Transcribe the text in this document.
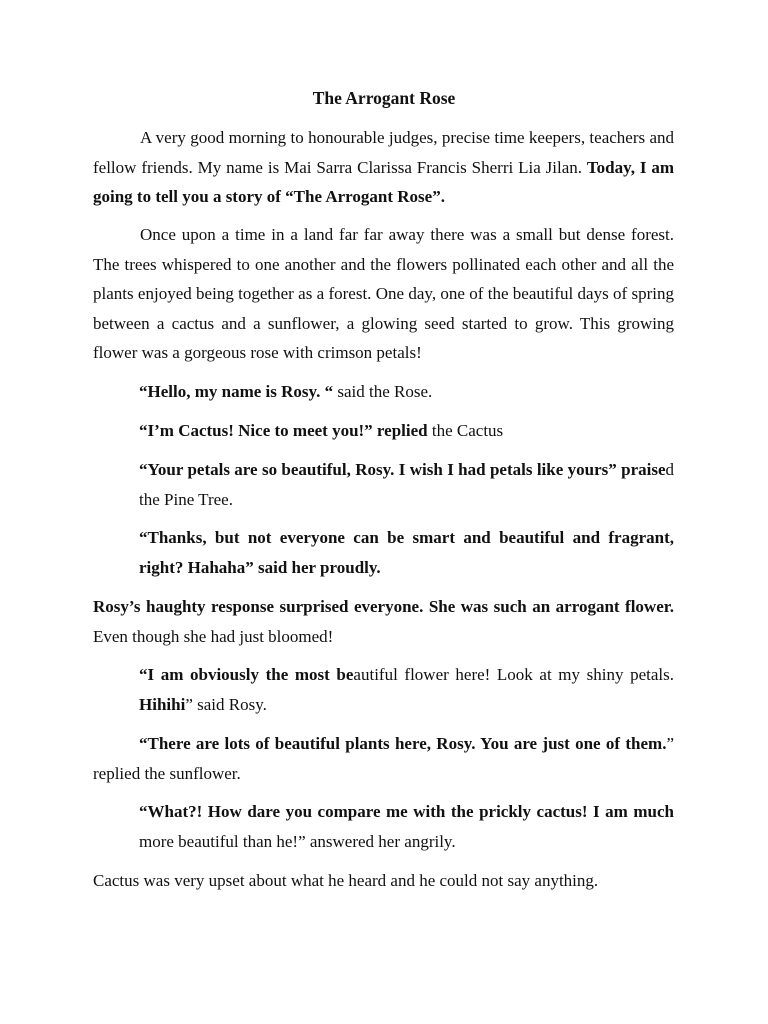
The Arrogant Rose

A very good morning to honourable judges, precise time keepers, teachers and fellow friends. My name is Mai Sarra Clarissa Francis Sherri Lia Jilan. Today, I am going to tell you a story of “The Arrogant Rose”.

Once upon a time in a land far far away there was a small but dense forest. The trees whispered to one another and the flowers pollinated each other and all the plants enjoyed being together as a forest. One day, one of the beautiful days of spring between a cactus and a sunflower, a glowing seed started to grow. This growing flower was a gorgeous rose with crimson petals!

“Hello, my name is Rosy. “ said the Rose.

“I’m Cactus! Nice to meet you!” replied the Cactus

“Your petals are so beautiful, Rosy. I wish I had petals like yours” praised the Pine Tree.

“Thanks, but not everyone can be smart and beautiful and fragrant, right? Hahaha” said her proudly.

Rosy’s haughty response surprised everyone. She was such an arrogant flower. Even though she had just bloomed!

“I am obviously the most beautiful flower here! Look at my shiny petals. Hihihi” said Rosy.

“There are lots of beautiful plants here, Rosy. You are just one of them.” replied the sunflower.

“What?! How dare you compare me with the prickly cactus! I am much more beautiful than he!” answered her angrily.

Cactus was very upset about what he heard and he could not say anything.
